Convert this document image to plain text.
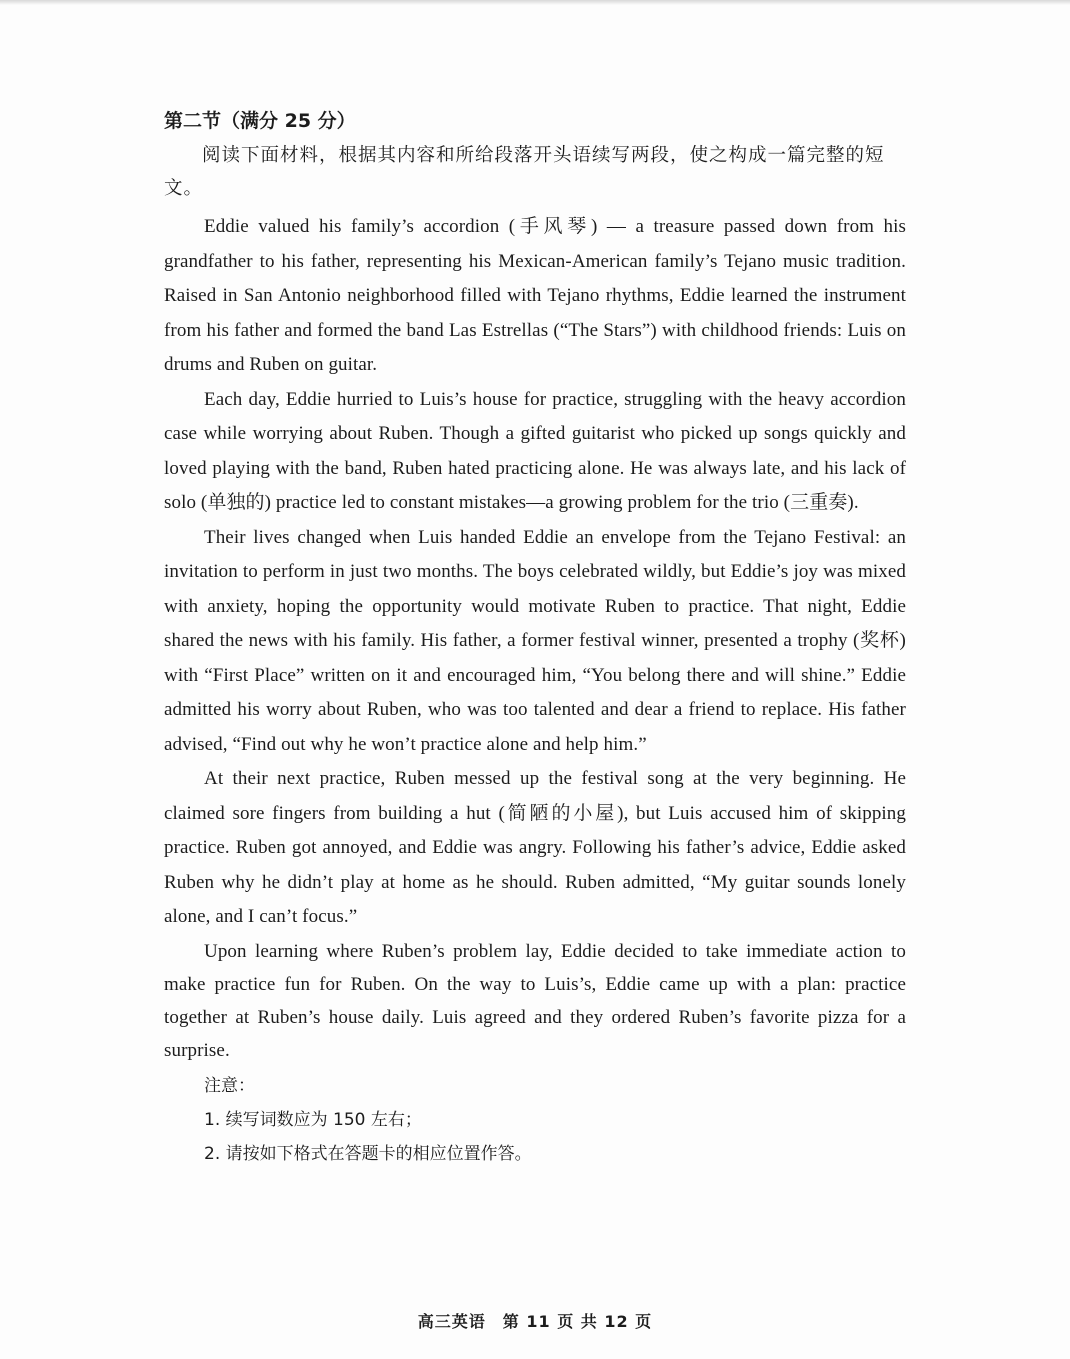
第二节（满分 25 分）

阅读下面材料，根据其内容和所给段落开头语续写两段，使之构成一篇完整的短文。

Eddie valued his family’s accordion (手风琴) — a treasure passed down from his grandfather to his father, representing his Mexican-American family’s Tejano music tradition. Raised in San Antonio neighborhood filled with Tejano rhythms, Eddie learned the instrument from his father and formed the band Las Estrellas (“The Stars”) with childhood friends: Luis on drums and Ruben on guitar.

Each day, Eddie hurried to Luis’s house for practice, struggling with the heavy accordion case while worrying about Ruben. Though a gifted guitarist who picked up songs quickly and loved playing with the band, Ruben hated practicing alone. He was always late, and his lack of solo (单独的) practice led to constant mistakes—a growing problem for the trio (三重奏).

Their lives changed when Luis handed Eddie an envelope from the Tejano Festival: an invitation to perform in just two months. The boys celebrated wildly, but Eddie’s joy was mixed with anxiety, hoping the opportunity would motivate Ruben to practice. That night, Eddie shared the news with his family. His father, a former festival winner, presented a trophy (奖杯) with “First Place” written on it and encouraged him, “You belong there and will shine.” Eddie admitted his worry about Ruben, who was too talented and dear a friend to replace. His father advised, “Find out why he won’t practice alone and help him.”

At their next practice, Ruben messed up the festival song at the very beginning. He claimed sore fingers from building a hut (简陋的小屋), but Luis accused him of skipping practice. Ruben got annoyed, and Eddie was angry. Following his father’s advice, Eddie asked Ruben why he didn’t play at home as he should. Ruben admitted, “My guitar sounds lonely alone, and I can’t focus.”

Upon learning where Ruben’s problem lay, Eddie decided to take immediate action to make practice fun for Ruben. On the way to Luis’s, Eddie came up with a plan: practice together at Ruben’s house daily. Luis agreed and they ordered Ruben’s favorite pizza for a surprise.

注意：

1. 续写词数应为 150 左右；

2. 请按如下格式在答题卡的相应位置作答。

高三英语　第 11 页 共 12 页
